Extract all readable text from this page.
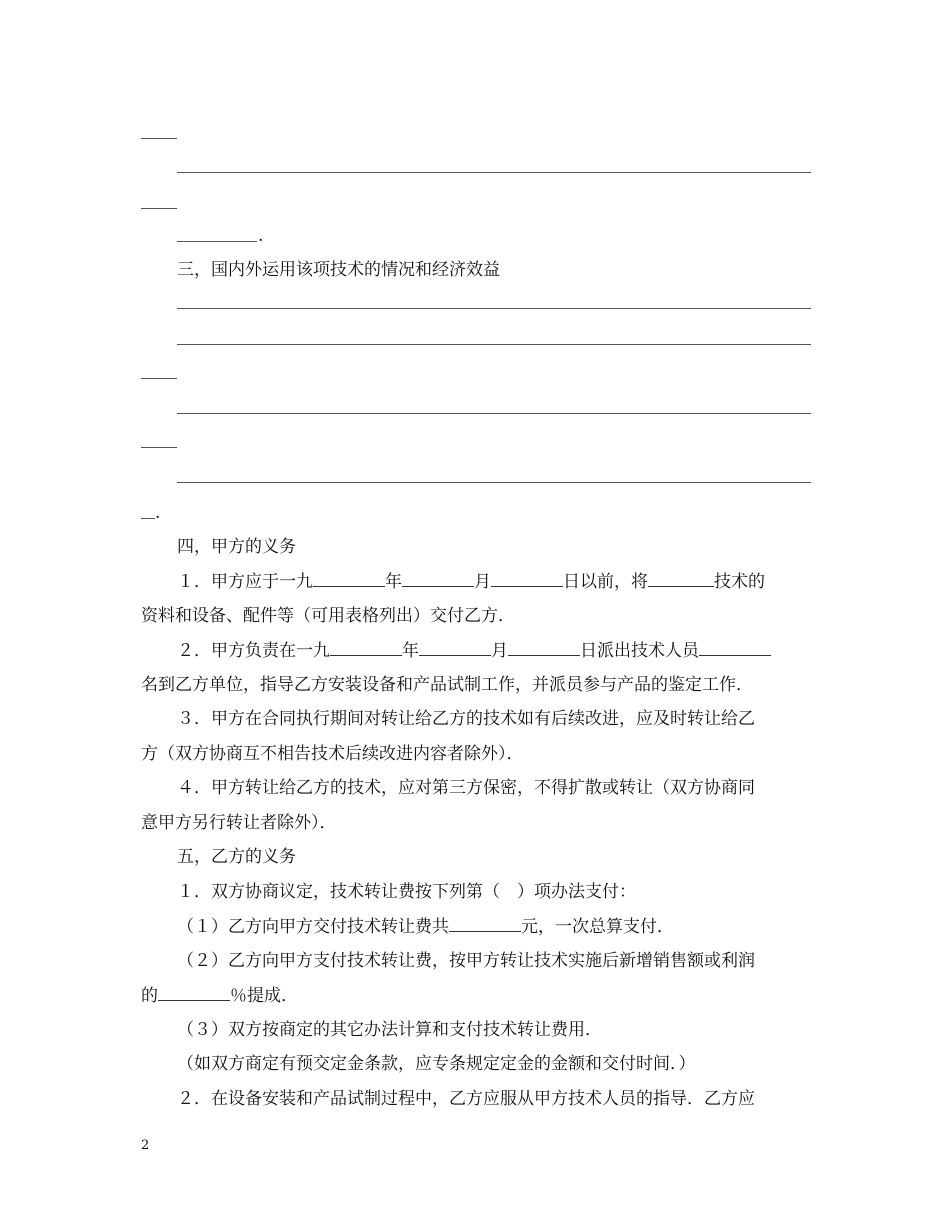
.
三，国内外运用该项技术的情况和经济效益
.
四，甲方的义务
１．甲方应于一九	年	月	日以前，将	技术的
资料和设备、配件等（可用表格列出）交付乙方．
２．甲方负责在一九	年	月	日派出技术人员
名到乙方单位，指导乙方安装设备和产品试制工作，并派员参与产品的鉴定工作．
３．甲方在合同执行期间对转让给乙方的技术如有后续改进，应及时转让给乙
方（双方协商互不相告技术后续改进内容者除外）．
４．甲方转让给乙方的技术，应对第三方保密，不得扩散或转让（双方协商同
意甲方另行转让者除外）．
五，乙方的义务
１．双方协商议定，技术转让费按下列第（　）项办法支付：
（１）乙方向甲方交付技术转让费共	元，一次总算支付．
（２）乙方向甲方支付技术转让费，按甲方转让技术实施后新增销售额或利润
的	％提成．
（３）双方按商定的其它办法计算和支付技术转让费用．
（如双方商定有预交定金条款，应专条规定定金的金额和交付时间．）
２．在设备安装和产品试制过程中，乙方应服从甲方技术人员的指导．乙方应
2
